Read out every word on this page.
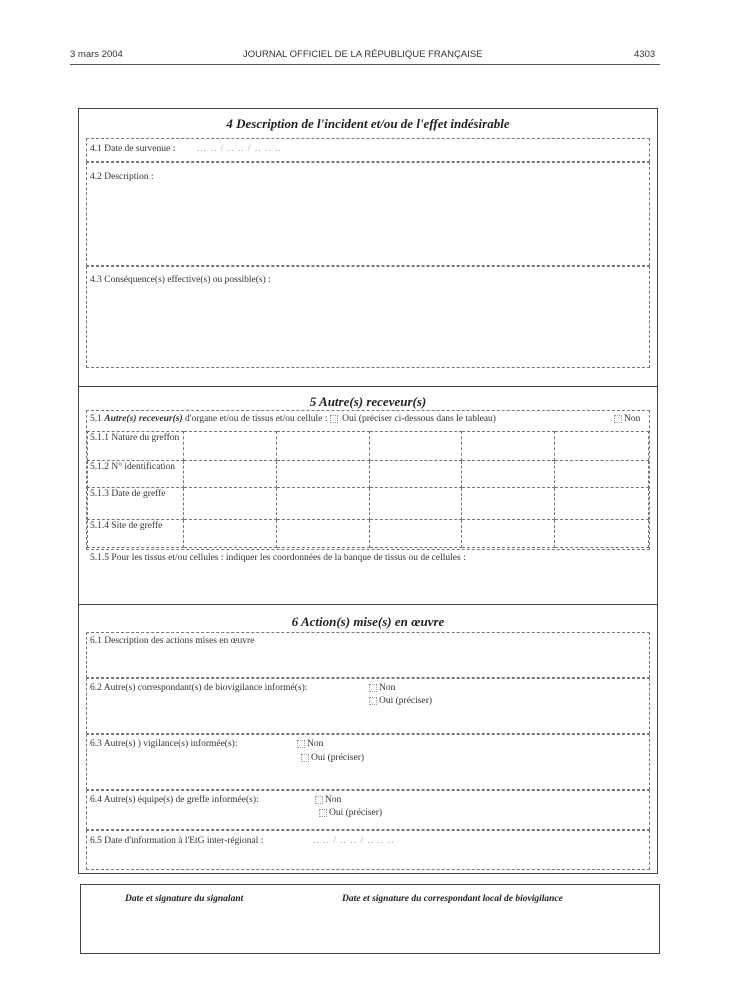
3 mars 2004	JOURNAL OFFICIEL DE LA RÉPUBLIQUE FRANÇAISE	4303
4 Description de l'incident et/ou de l'effet indésirable
4.1 Date de survenue : ... .. / .. .. / .. .. ..
4.2 Description :
4.3 Conséquence(s) effective(s) ou possible(s) :
5 Autre(s) receveur(s)
5.1 Autre(s) receveur(s) d'organe et/ou de tissus et/ou cellule : Oui (préciser ci-dessous dans le tableau)	Non
5.1.1 Nature du greffon					
5.1.2 N° identification					
5.1.3 Date de greffe					
5.1.4 Site de greffe					
5.1.5 Pour les tissus et/ou cellules : indiquer les coordonnées de la banque de tissus ou de cellules :
6 Action(s) mise(s) en œuvre
6.1 Description des actions mises en œuvre
6.2 Autre(s) correspondant(s) de biovigilance informé(s):	Non
Oui (préciser)
6.3 Autre(s) ) vigilance(s) informée(s):	Non
Oui (préciser)
6.4 Autre(s) équipe(s) de greffe informée(s):	Non
Oui (préciser)
6.5 Date d'information à l'EtG inter-régional :	.. .. / .. .. / .. .. ..
Date et signature du signalant	Date et signature du correspondant local de biovigilance
